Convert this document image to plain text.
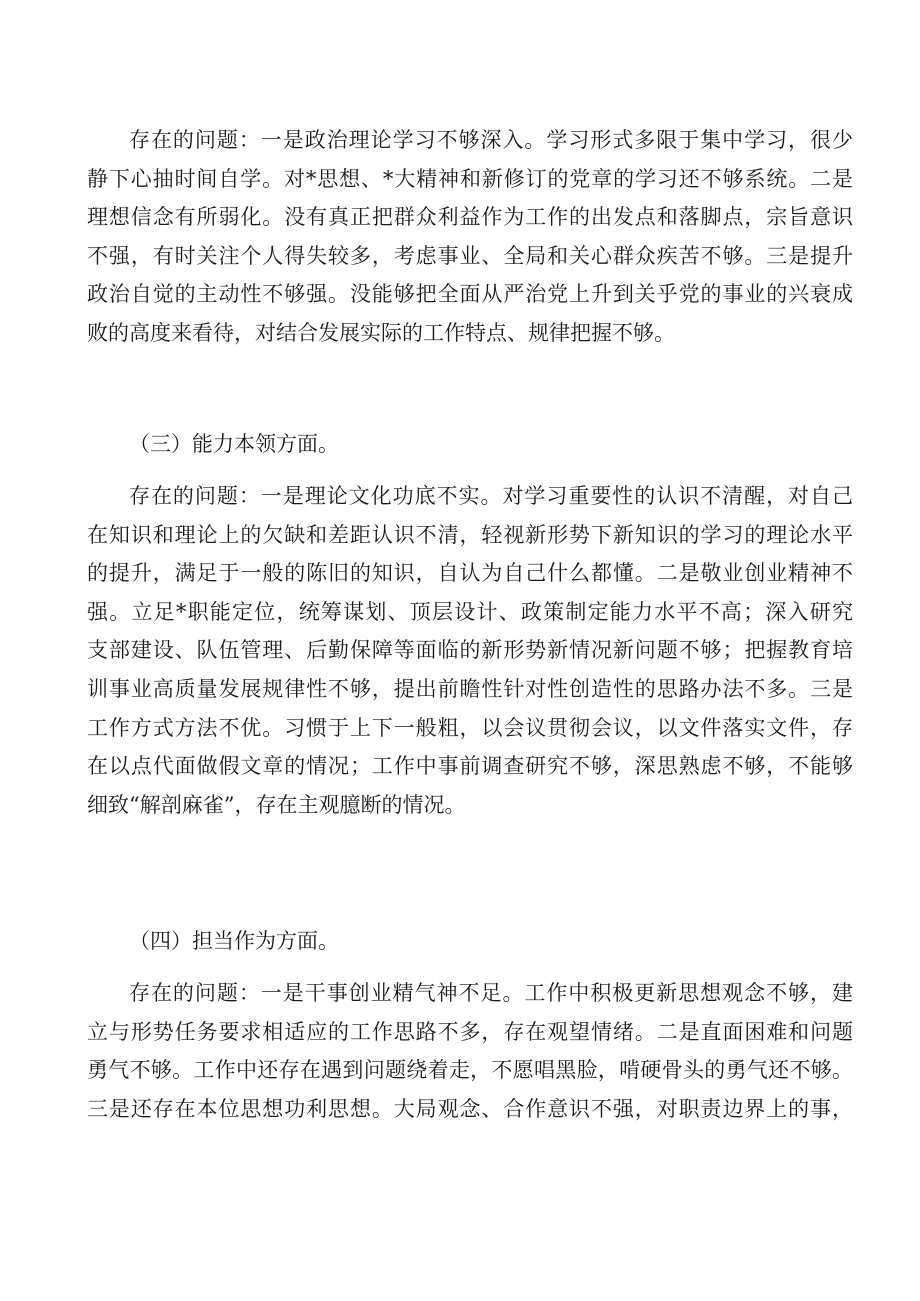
存在的问题：一是政治理论学习不够深入。学习形式多限于集中学习，很少
静下心抽时间自学。对*思想、*大精神和新修订的党章的学习还不够系统。二是
理想信念有所弱化。没有真正把群众利益作为工作的出发点和落脚点，宗旨意识
不强，有时关注个人得失较多，考虑事业、全局和关心群众疾苦不够。三是提升
政治自觉的主动性不够强。没能够把全面从严治党上升到关乎党的事业的兴衰成
败的高度来看待，对结合发展实际的工作特点、规律把握不够。
（三）能力本领方面。
存在的问题：一是理论文化功底不实。对学习重要性的认识不清醒，对自己
在知识和理论上的欠缺和差距认识不清，轻视新形势下新知识的学习的理论水平
的提升，满足于一般的陈旧的知识，自认为自己什么都懂。二是敬业创业精神不
强。立足*职能定位，统筹谋划、顶层设计、政策制定能力水平不高；深入研究
支部建设、队伍管理、后勤保障等面临的新形势新情况新问题不够；把握教育培
训事业高质量发展规律性不够，提出前瞻性针对性创造性的思路办法不多。三是
工作方式方法不优。习惯于上下一般粗，以会议贯彻会议，以文件落实文件，存
在以点代面做假文章的情况；工作中事前调查研究不够，深思熟虑不够，不能够
细致“解剖麻雀”，存在主观臆断的情况。
（四）担当作为方面。
存在的问题：一是干事创业精气神不足。工作中积极更新思想观念不够，建
立与形势任务要求相适应的工作思路不多，存在观望情绪。二是直面困难和问题
勇气不够。工作中还存在遇到问题绕着走，不愿唱黑脸，啃硬骨头的勇气还不够。
三是还存在本位思想功利思想。大局观念、合作意识不强，对职责边界上的事，
